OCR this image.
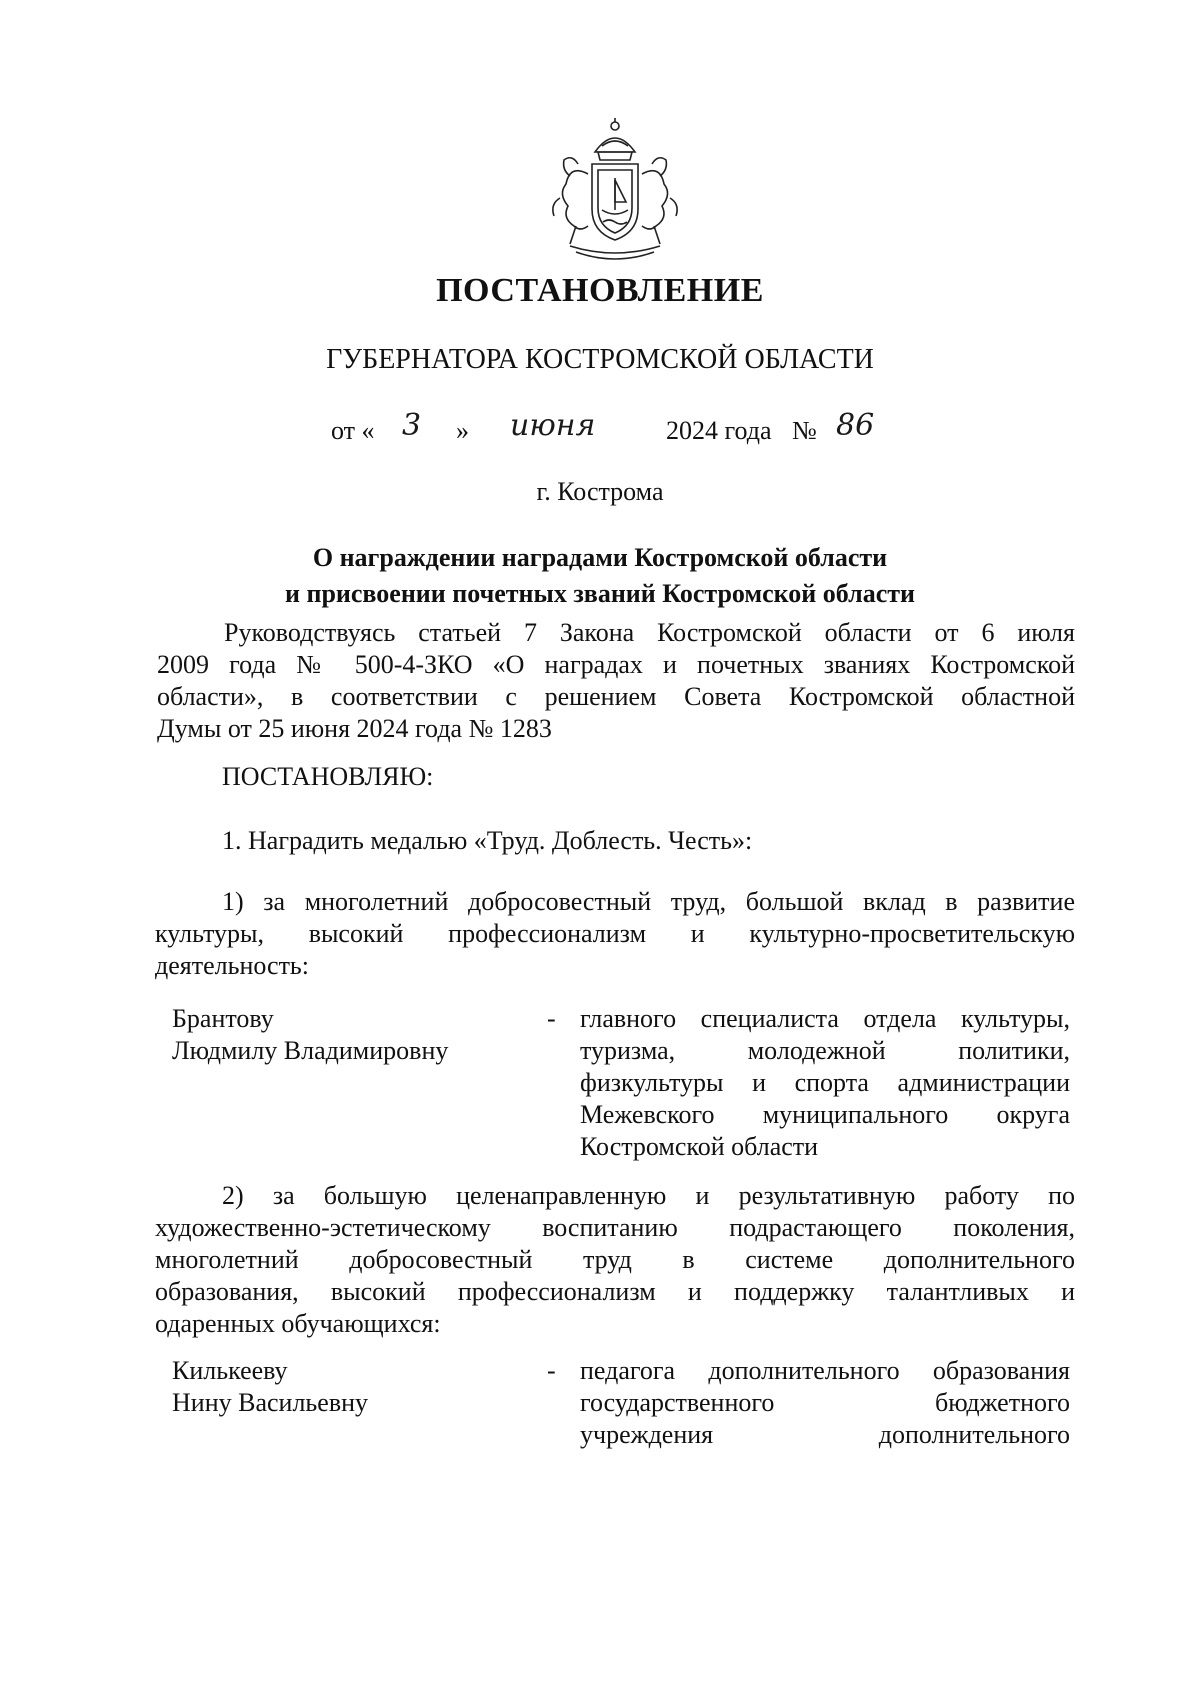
ПОСТАНОВЛЕНИЕ
ГУБЕРНАТОРА КОСТРОМСКОЙ ОБЛАСТИ
от « 3 » июня	2024 года № 86
г. Кострома
О награждении наградами Костромской области
и присвоении почетных званий Костромской области
Руководствуясь статьей 7 Закона Костромской области от 6 июля
2009 года № 500-4-ЗКО «О наградах и почетных званиях Костромской
области», в соответствии с решением Совета Костромской областной
Думы от 25 июня 2024 года № 1283

ПОСТАНОВЛЯЮ:

1. Наградить медалью «Труд. Доблесть. Честь»:

1) за многолетний добросовестный труд, большой вклад в развитие
культуры, высокий профессионализм и культурно-просветительскую
деятельность:
Брантову
Людмилу Владимировну
- главного специалиста отдела культуры,
туризма, молодежной политики,
физкультуры и спорта администрации
Межевского муниципального округа
Костромской области
2) за большую целенаправленную и результативную работу по
художественно-эстетическому воспитанию подрастающего поколения,
многолетний добросовестный труд в системе дополнительного
образования, высокий профессионализм и поддержку талантливых и
одаренных обучающихся:
Килькееву
Нину Васильевну
- педагога дополнительного образования
государственного бюджетного
учреждения дополнительного
